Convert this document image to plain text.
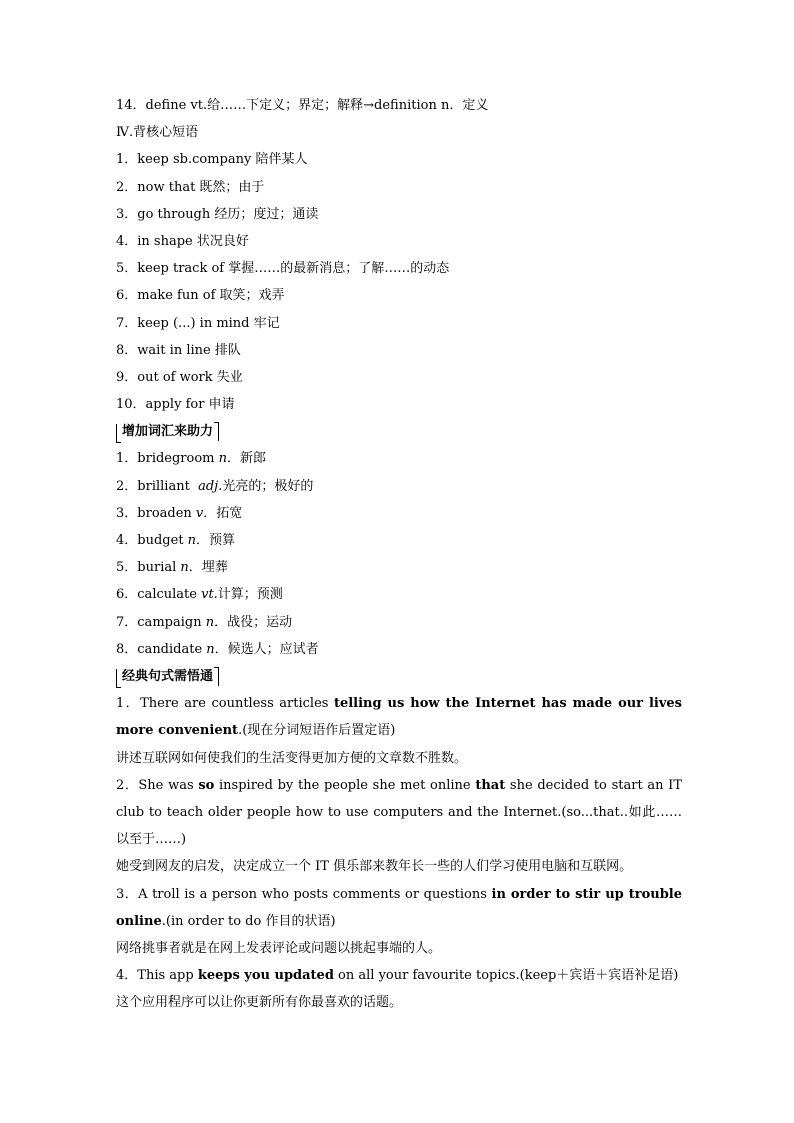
14．define vt.给……下定义；界定；解释→definition n．定义
Ⅳ.背核心短语
1．keep sb.company 陪伴某人
2．now that 既然；由于
3．go through 经历；度过；通读
4．in shape 状况良好
5．keep track of 掌握……的最新消息；了解……的动态
6．make fun of 取笑；戏弄
7．keep (...) in mind 牢记
8．wait in line 排队
9．out of work 失业
10．apply for 申请
增加词汇来助力
1．bridegroom n．新郎
2．brilliant  adj.光亮的；极好的
3．broaden v．拓宽
4．budget n．预算
5．burial n．埋葬
6．calculate vt.计算；预测
7．campaign n．战役；运动
8．candidate n．候选人；应试者
经典句式需悟通
1．There are countless articles telling us how the Internet has made our lives more convenient.(现在分词短语作后置定语)
讲述互联网如何使我们的生活变得更加方便的文章数不胜数。
2．She was so inspired by the people she met online that she decided to start an IT club to teach older people how to use computers and the Internet.(so...that..如此……以至于……)
她受到网友的启发，决定成立一个 IT 俱乐部来教年长一些的人们学习使用电脑和互联网。
3．A troll is a person who posts comments or questions in order to stir up trouble online.(in order to do 作目的状语)
网络挑事者就是在网上发表评论或问题以挑起事端的人。
4．This app keeps you updated on all your favourite topics.(keep＋宾语＋宾语补足语)
这个应用程序可以让你更新所有你最喜欢的话题。
